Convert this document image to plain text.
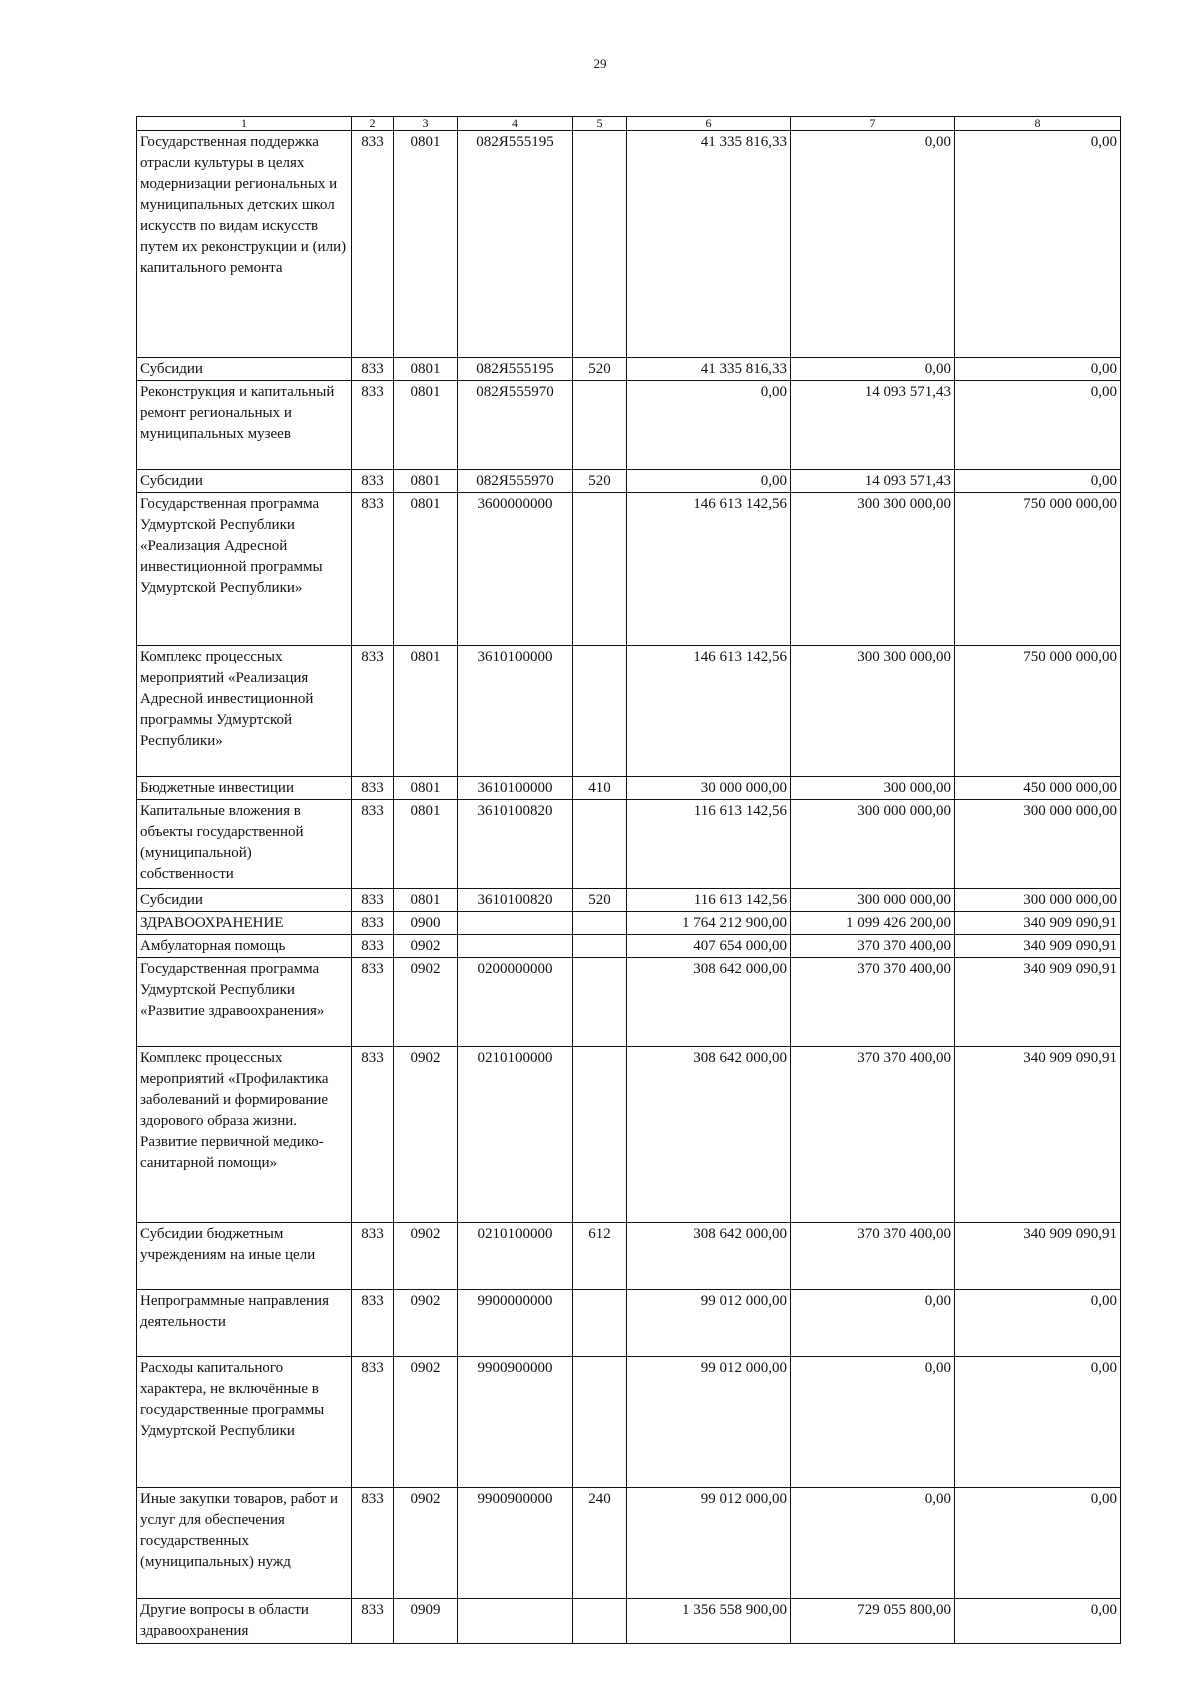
29
1	2	3	4	5	6	7	8
Государственная поддержка отрасли культуры в целях модернизации региональных и муниципальных детских школ искусств по видам искусств путем их реконструкции и (или) капитального ремонта	833	0801	082Я555195		41 335 816,33	0,00	0,00
Субсидии	833	0801	082Я555195	520	41 335 816,33	0,00	0,00
Реконструкция и капитальный ремонт региональных и муниципальных музеев	833	0801	082Я555970		0,00	14 093 571,43	0,00
Субсидии	833	0801	082Я555970	520	0,00	14 093 571,43	0,00
Государственная программа Удмуртской Республики «Реализация Адресной инвестиционной программы Удмуртской Республики»	833	0801	3600000000		146 613 142,56	300 300 000,00	750 000 000,00
Комплекс процессных мероприятий «Реализация Адресной инвестиционной программы Удмуртской Республики»	833	0801	3610100000		146 613 142,56	300 300 000,00	750 000 000,00
Бюджетные инвестиции	833	0801	3610100000	410	30 000 000,00	300 000,00	450 000 000,00
Капитальные вложения в объекты государственной (муниципальной) собственности	833	0801	3610100820		116 613 142,56	300 000 000,00	300 000 000,00
Субсидии	833	0801	3610100820	520	116 613 142,56	300 000 000,00	300 000 000,00
ЗДРАВООХРАНЕНИЕ	833	0900			1 764 212 900,00	1 099 426 200,00	340 909 090,91
Амбулаторная помощь	833	0902			407 654 000,00	370 370 400,00	340 909 090,91
Государственная программа Удмуртской Республики «Развитие здравоохранения»	833	0902	0200000000		308 642 000,00	370 370 400,00	340 909 090,91
Комплекс процессных мероприятий «Профилактика заболеваний и формирование здорового образа жизни. Развитие первичной медико-санитарной помощи»	833	0902	0210100000		308 642 000,00	370 370 400,00	340 909 090,91
Субсидии бюджетным учреждениям на иные цели	833	0902	0210100000	612	308 642 000,00	370 370 400,00	340 909 090,91
Непрограммные направления деятельности	833	0902	9900000000		99 012 000,00	0,00	0,00
Расходы капитального характера, не включённые в государственные программы Удмуртской Республики	833	0902	9900900000		99 012 000,00	0,00	0,00
Иные закупки товаров, работ и услуг для обеспечения государственных (муниципальных) нужд	833	0902	9900900000	240	99 012 000,00	0,00	0,00
Другие вопросы в области здравоохранения	833	0909			1 356 558 900,00	729 055 800,00	0,00
